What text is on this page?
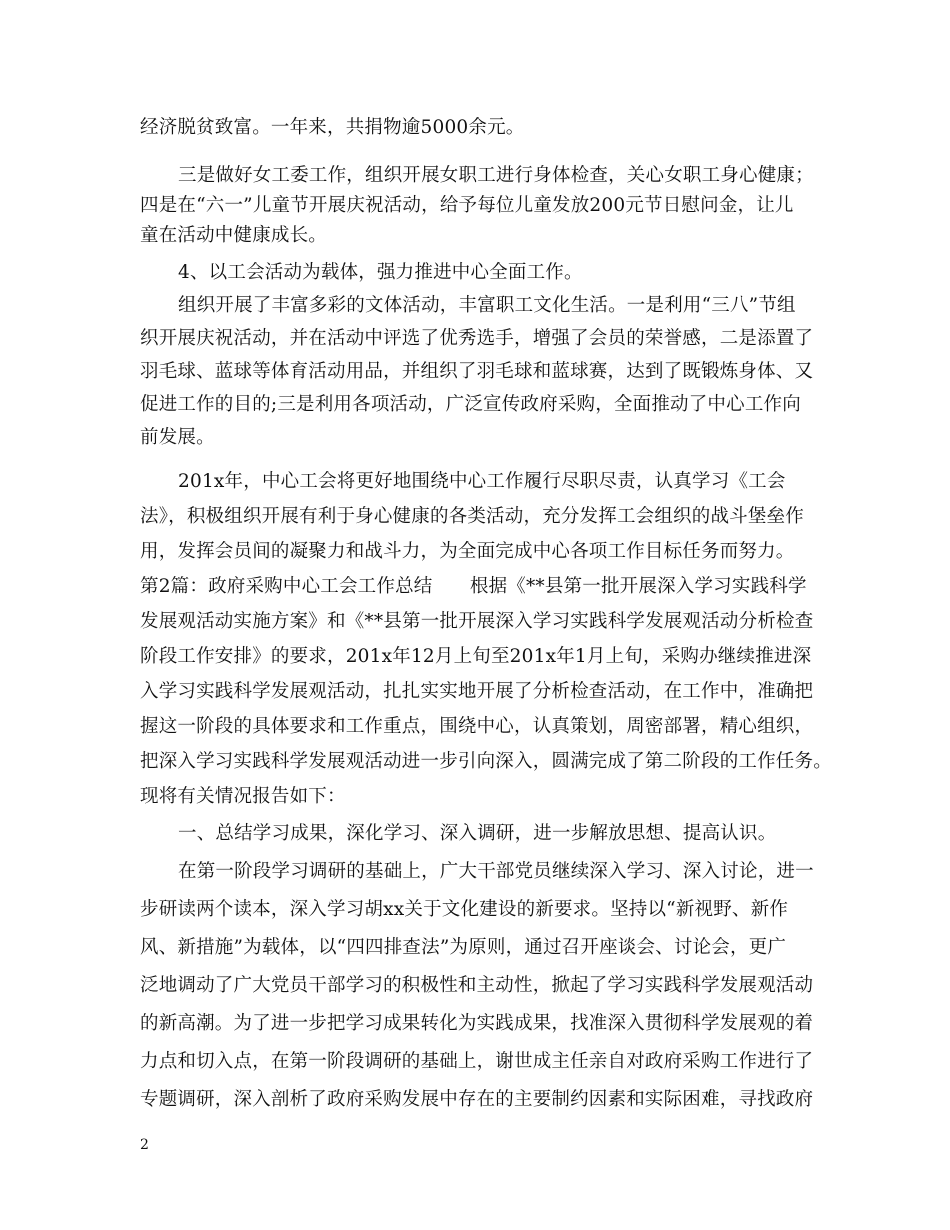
经济脱贫致富。一年来，共捐物逾5000余元。
三是做好女工委工作，组织开展女职工进行身体检查，关心女职工身心健康；
四是在“六一”儿童节开展庆祝活动，给予每位儿童发放200元节日慰问金，让儿
童在活动中健康成长。
4、以工会活动为载体，强力推进中心全面工作。
组织开展了丰富多彩的文体活动，丰富职工文化生活。一是利用“三八”节组
织开展庆祝活动，并在活动中评选了优秀选手，增强了会员的荣誉感，二是添置了
羽毛球、蓝球等体育活动用品，并组织了羽毛球和蓝球赛，达到了既锻炼身体、又
促进工作的目的;三是利用各项活动，广泛宣传政府采购，全面推动了中心工作向
前发展。
201x年，中心工会将更好地围绕中心工作履行尽职尽责，认真学习《工会
法》，积极组织开展有利于身心健康的各类活动，充分发挥工会组织的战斗堡垒作
用，发挥会员间的凝聚力和战斗力，为全面完成中心各项工作目标任务而努力。
第2篇：政府采购中心工会工作总结　　根据《**县第一批开展深入学习实践科学
发展观活动实施方案》和《**县第一批开展深入学习实践科学发展观活动分析检查
阶段工作安排》的要求，201x年12月上旬至201x年1月上旬，采购办继续推进深
入学习实践科学发展观活动，扎扎实实地开展了分析检查活动，在工作中，准确把
握这一阶段的具体要求和工作重点，围绕中心，认真策划，周密部署，精心组织，
把深入学习实践科学发展观活动进一步引向深入，圆满完成了第二阶段的工作任务。
现将有关情况报告如下：
一、总结学习成果，深化学习、深入调研，进一步解放思想、提高认识。
在第一阶段学习调研的基础上，广大干部党员继续深入学习、深入讨论，进一
步研读两个读本，深入学习胡xx关于文化建设的新要求。坚持以“新视野、新作
风、新措施”为载体，以“四四排查法”为原则，通过召开座谈会、讨论会，更广
泛地调动了广大党员干部学习的积极性和主动性，掀起了学习实践科学发展观活动
的新高潮。为了进一步把学习成果转化为实践成果，找准深入贯彻科学发展观的着
力点和切入点，在第一阶段调研的基础上，谢世成主任亲自对政府采购工作进行了
专题调研，深入剖析了政府采购发展中存在的主要制约因素和实际困难，寻找政府
2
